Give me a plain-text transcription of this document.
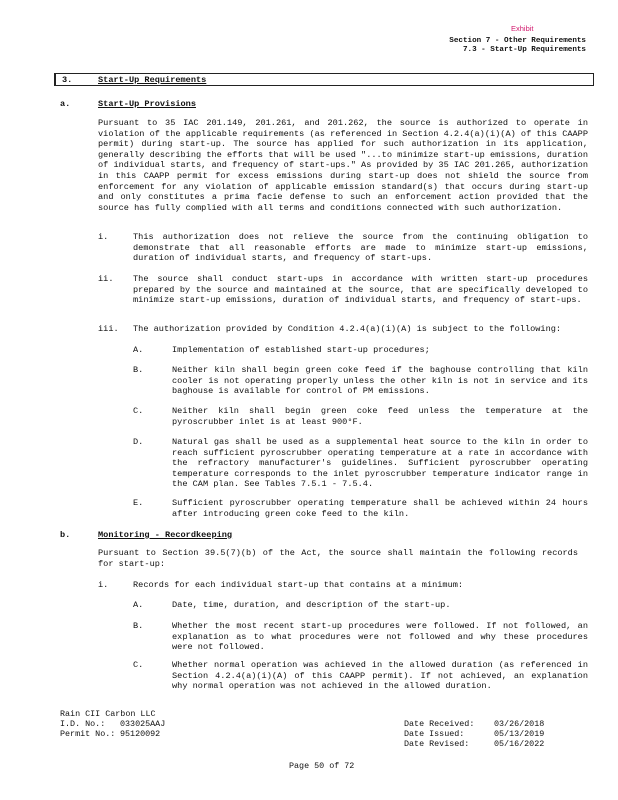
Exhibit
Section 7 - Other Requirements
7.3 - Start-Up Requirements
3.	Start-Up Requirements
a.	Start-Up Provisions
Pursuant to 35 IAC 201.149, 201.261, and 201.262, the source is authorized to operate in violation of the applicable requirements (as referenced in Section 4.2.4(a)(i)(A) of this CAAPP permit) during start-up. The source has applied for such authorization in its application, generally describing the efforts that will be used "...to minimize start-up emissions, duration of individual starts, and frequency of start-ups." As provided by 35 IAC 201.265, authorization in this CAAPP permit for excess emissions during start-up does not shield the source from enforcement for any violation of applicable emission standard(s) that occurs during start-up and only constitutes a prima facie defense to such an enforcement action provided that the source has fully complied with all terms and conditions connected with such authorization.
i.	This authorization does not relieve the source from the continuing obligation to demonstrate that all reasonable efforts are made to minimize start-up emissions, duration of individual starts, and frequency of start-ups.
ii. The source shall conduct start-ups in accordance with written start-up procedures prepared by the source and maintained at the source, that are specifically developed to minimize start-up emissions, duration of individual starts, and frequency of start-ups.
iii. The authorization provided by Condition 4.2.4(a)(i)(A) is subject to the following:
A.	Implementation of established start-up procedures;
B.	Neither kiln shall begin green coke feed if the baghouse controlling that kiln cooler is not operating properly unless the other kiln is not in service and its baghouse is available for control of PM emissions.
C.	Neither kiln shall begin green coke feed unless the temperature at the pyroscrubber inlet is at least 900°F.
D.	Natural gas shall be used as a supplemental heat source to the kiln in order to reach sufficient pyroscrubber operating temperature at a rate in accordance with the refractory manufacturer's guidelines. Sufficient pyroscrubber operating temperature corresponds to the inlet pyroscrubber temperature indicator range in the CAM plan. See Tables 7.5.1 - 7.5.4.
E.	Sufficient pyroscrubber operating temperature shall be achieved within 24 hours after introducing green coke feed to the kiln.
b.	Monitoring - Recordkeeping
Pursuant to Section 39.5(7)(b) of the Act, the source shall maintain the following records for start-up:
i.	Records for each individual start-up that contains at a minimum:
A.	Date, time, duration, and description of the start-up.
B.	Whether the most recent start-up procedures were followed. If not followed, an explanation as to what procedures were not followed and why these procedures were not followed.
C.	Whether normal operation was achieved in the allowed duration (as referenced in Section 4.2.4(a)(i)(A) of this CAAPP permit). If not achieved, an explanation why normal operation was not achieved in the allowed duration.
Rain CII Carbon LLC
I.D. No.: 033025AAJ
Permit No.: 95120092
Date Received: 03/26/2018
Date Issued:	05/13/2019
Date Revised:	05/16/2022
Page 50 of 72
